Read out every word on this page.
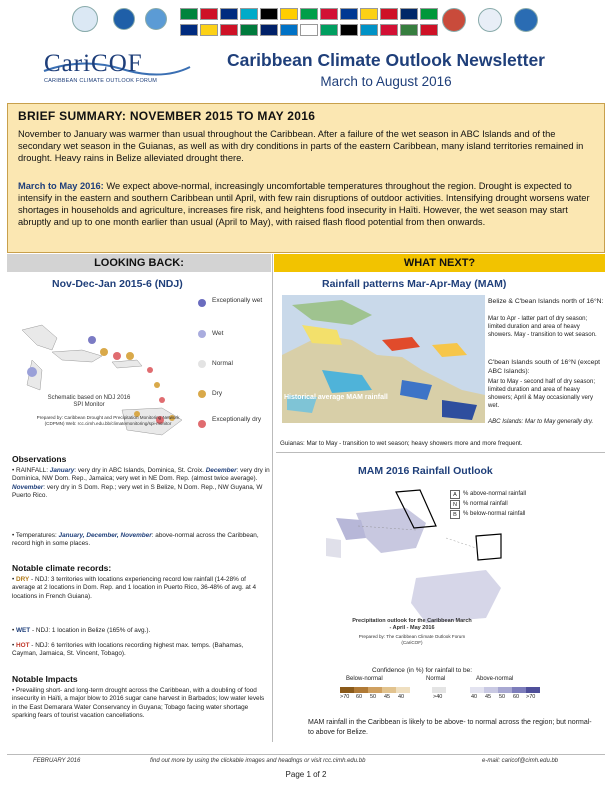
CariCOF
CARIBBEAN CLIMATE OUTLOOK FORUM
Caribbean Climate Outlook Newsletter
March to August 2016
BRIEF SUMMARY: NOVEMBER 2015 TO MAY 2016
November to January was warmer than usual throughout the Caribbean. After a failure of the wet season in ABC Islands and of the secondary wet season in the Guianas, as well as with dry conditions in parts of the eastern Caribbean, many island territories remained in drought. Heavy rains in Belize alleviated drought there.
March to May 2016: We expect above-normal, increasingly uncomfortable temperatures throughout the region. Drought is expected to intensify in the eastern and southern Caribbean until April, with few rain disruptions of outdoor activities. Intensifying drought worsens water shortages in households and agriculture, increases fire risk, and heightens food insecurity in Haïti. However, the wet season may start abruptly and up to one month earlier than usual (April to May), with raised flash flood potential from then onwards.
LOOKING BACK:	WHAT NEXT?
Nov-Dec-Jan 2015-6 (NDJ)
Schematic based on NDJ 2016 SPI Monitor
Prepared by: Caribbean Drought and Precipitation Monitoring Network (CDPMN) Web: rcc.cimh.edu.bb/climatemonitoring/spi-monitor
Exceptionally wet
Wet
Normal
Dry
Exceptionally dry
Observations
• RAINFALL: January: very dry in ABC Islands, Dominica, St. Croix. December: very dry in Dominica, NW Dom. Rep., Jamaica; very wet in NE Dom. Rep. (almost twice average). November: very dry in S Dom. Rep.; very wet in S Belize, N Dom. Rep., NW Guyana, W Puerto Rico.
• Temperatures: January, December, November: above-normal across the Caribbean, record high in some places.
Notable climate records:
• DRY - NDJ: 3 territories with locations experiencing record low rainfall (14-28% of average at 2 locations in Dom. Rep. and 1 location in Puerto Rico, 36-48% of avg. at 4 locations in French Guiana).
• WET - NDJ: 1 location in Belize (165% of avg.).
• HOT - NDJ: 6 territories with locations recording highest max. temps. (Bahamas, Cayman, Jamaica, St. Vincent, Tobago).
Notable Impacts
• Prevailing short- and long-term drought across the Caribbean, with a doubling of food insecurity in Haïti, a major blow to 2016 sugar cane harvest in Barbados; low water levels in the East Demarara Water Conservancy in Guyana; Tobago facing water shortage sparking fears of tourist vacation cancellations.
Rainfall patterns Mar-Apr-May (MAM)
Historical average MAM rainfall
Belize & C'bean Islands north of 16°N:
Mar to Apr - latter part of dry season; limited duration and area of heavy showers. May - transition to wet season.
C'bean Islands south of 16°N (except ABC Islands):
Mar to May - second half of dry season; limited duration and area of heavy showers; April & May occasionally very wet.
ABC Islands: Mar to May generally dry.
Guianas: Mar to May - transition to wet season; heavy showers more and more frequent.
MAM 2016 Rainfall Outlook
A	% above-normal rainfall
N	% normal rainfall
B	% below-normal rainfall
Precipitation outlook for the Caribbean March - April - May 2016
Prepared by: The Caribbean Climate Outlook Forum (CariCOF)
Confidence (in %) for rainfall to be:
Below-normal	Normal	Above-normal
>70 60 50 45 40	>40	40 45 50 60 >70
MAM rainfall in the Caribbean is likely to be above- to normal across the region; but normal- to above for Belize.
FEBRUARY 2016	find out more by using the clickable images and headings or visit rcc.cimh.edu.bb	e-mail: caricof@cimh.edu.bb
Page 1 of 2
